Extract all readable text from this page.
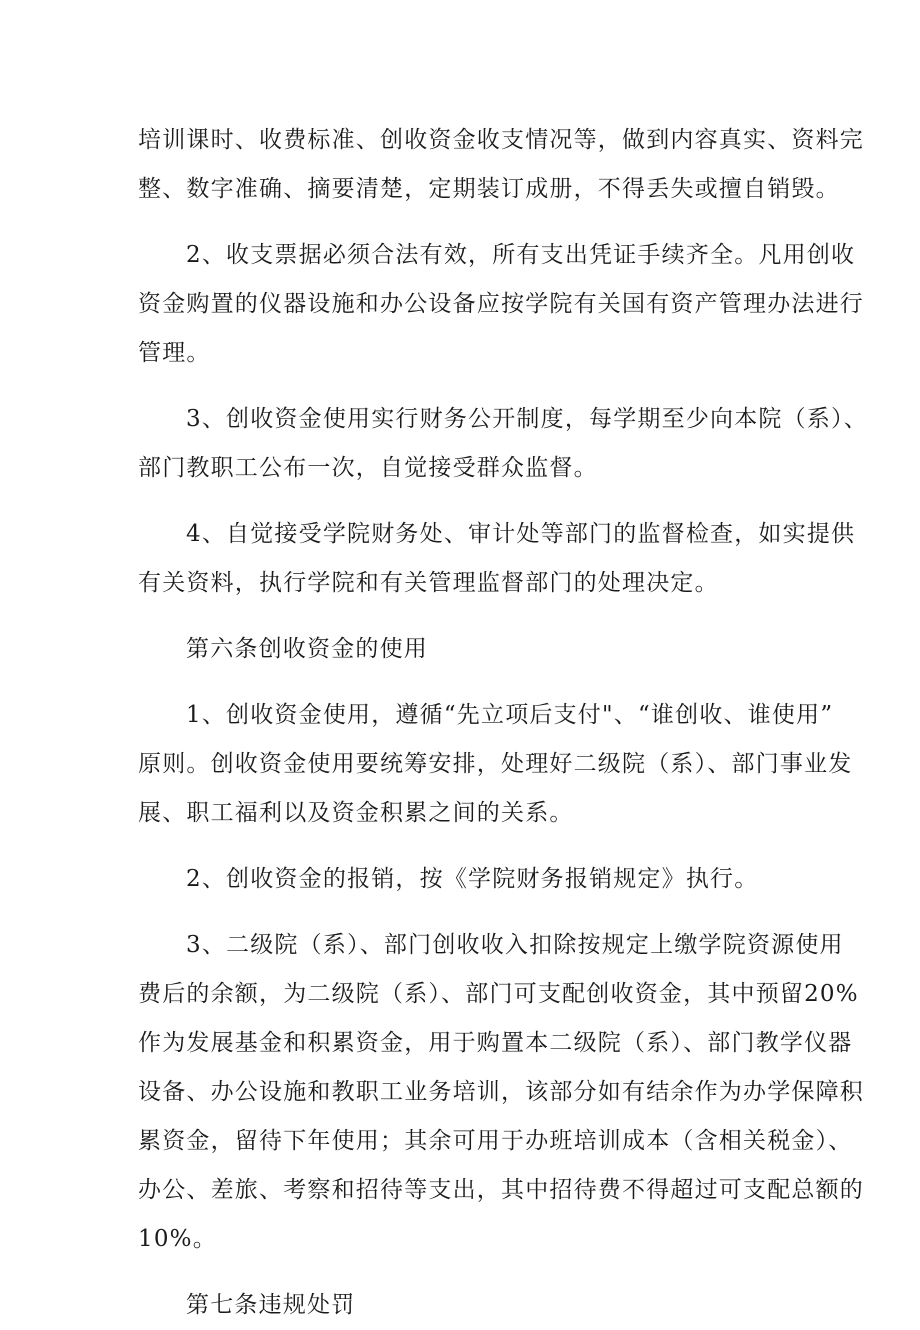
培训课时、收费标准、创收资金收支情况等，做到内容真实、资料完
整、数字准确、摘要清楚，定期装订成册，不得丢失或擅自销毁。
2、收支票据必须合法有效，所有支出凭证手续齐全。凡用创收
资金购置的仪器设施和办公设备应按学院有关国有资产管理办法进行
管理。
3、创收资金使用实行财务公开制度，每学期至少向本院（系）、
部门教职工公布一次，自觉接受群众监督。
4、自觉接受学院财务处、审计处等部门的监督检查，如实提供
有关资料，执行学院和有关管理监督部门的处理决定。
第六条创收资金的使用
1、创收资金使用，遵循“先立项后支付"、“谁创收、谁使用”
原则。创收资金使用要统筹安排，处理好二级院（系）、部门事业发
展、职工福利以及资金积累之间的关系。
2、创收资金的报销，按《学院财务报销规定》执行。
3、二级院（系）、部门创收收入扣除按规定上缴学院资源使用
费后的余额，为二级院（系）、部门可支配创收资金，其中预留20%
作为发展基金和积累资金，用于购置本二级院（系）、部门教学仪器
设备、办公设施和教职工业务培训，该部分如有结余作为办学保障积
累资金，留待下年使用；其余可用于办班培训成本（含相关税金）、
办公、差旅、考察和招待等支出，其中招待费不得超过可支配总额的
10%。
第七条违规处罚
